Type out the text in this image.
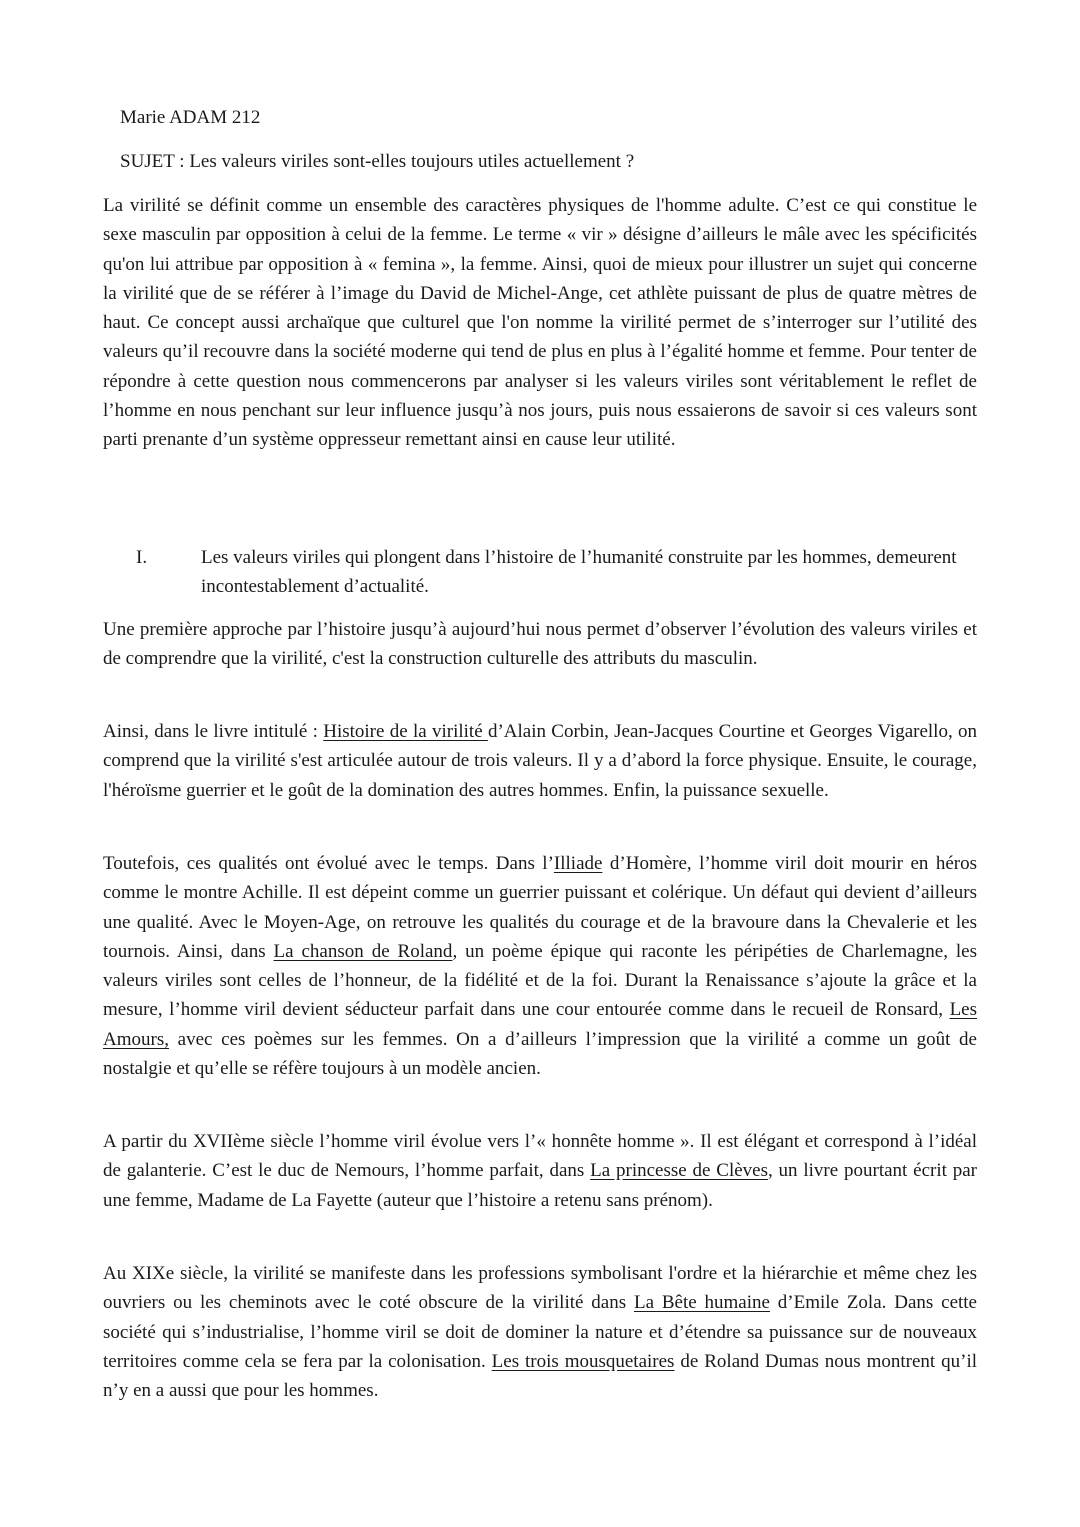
Marie ADAM 212
SUJET : Les valeurs viriles sont-elles toujours utiles actuellement ?

La virilité se définit comme un ensemble des caractères physiques de l'homme adulte. C’est ce qui constitue le sexe masculin par opposition à celui de la femme. Le terme « vir » désigne d’ailleurs le mâle avec les spécificités qu'on lui attribue par opposition à « femina », la femme. Ainsi, quoi de mieux pour illustrer un sujet qui concerne la virilité que de se référer à l’image du David de Michel-Ange, cet athlète puissant de plus de quatre mètres de haut. Ce concept aussi archaïque que culturel que l'on nomme la virilité permet de s’interroger sur l’utilité des valeurs qu’il recouvre dans la société moderne qui tend de plus en plus à l’égalité homme et femme. Pour tenter de répondre à cette question nous commencerons par analyser si les valeurs viriles sont véritablement le reflet de l’homme en nous penchant sur leur influence jusqu’à nos jours, puis nous essaierons de savoir si ces valeurs sont parti prenante d’un système oppresseur remettant ainsi en cause leur utilité.

I.	Les valeurs viriles qui plongent dans l’histoire de l’humanité construite par les hommes, demeurent incontestablement d’actualité.

Une première approche par l’histoire jusqu’à aujourd’hui nous permet d’observer l’évolution des valeurs viriles et de comprendre que la virilité, c'est la construction culturelle des attributs du masculin.

Ainsi, dans le livre intitulé : Histoire de la virilité d’Alain Corbin, Jean-Jacques Courtine et Georges Vigarello, on comprend que la virilité s'est articulée autour de trois valeurs. Il y a d’abord la force physique. Ensuite, le courage, l'héroïsme guerrier et le goût de la domination des autres hommes. Enfin, la puissance sexuelle.

Toutefois, ces qualités ont évolué avec le temps. Dans l’Illiade d’Homère, l’homme viril doit mourir en héros comme le montre Achille. Il est dépeint comme un guerrier puissant et colérique. Un défaut qui devient d’ailleurs une qualité. Avec le Moyen-Age, on retrouve les qualités du courage et de la bravoure dans la Chevalerie et les tournois. Ainsi, dans La chanson de Roland, un poème épique qui raconte les péripéties de Charlemagne, les valeurs viriles sont celles de l’honneur, de la fidélité et de la foi. Durant la Renaissance s’ajoute la grâce et la mesure, l’homme viril devient séducteur parfait dans une cour entourée comme dans le recueil de Ronsard, Les Amours, avec ces poèmes sur les femmes. On a d’ailleurs l’impression que la virilité a comme un goût de nostalgie et qu’elle se réfère toujours à un modèle ancien.

A partir du XVIIème siècle l’homme viril évolue vers l’« honnête homme ». Il est élégant et correspond à l’idéal de galanterie. C’est le duc de Nemours, l’homme parfait, dans La princesse de Clèves, un livre pourtant écrit par une femme, Madame de La Fayette (auteur que l’histoire a retenu sans prénom).

Au XIXe siècle, la virilité se manifeste dans les professions symbolisant l'ordre et la hiérarchie et même chez les ouvriers ou les cheminots avec le coté obscure de la virilité dans La Bête humaine d’Emile Zola. Dans cette société qui s’industrialise, l’homme viril se doit de dominer la nature et d’étendre sa puissance sur de nouveaux territoires comme cela se fera par la colonisation. Les trois mousquetaires de Roland Dumas nous montrent qu’il n’y en a aussi que pour les hommes.
